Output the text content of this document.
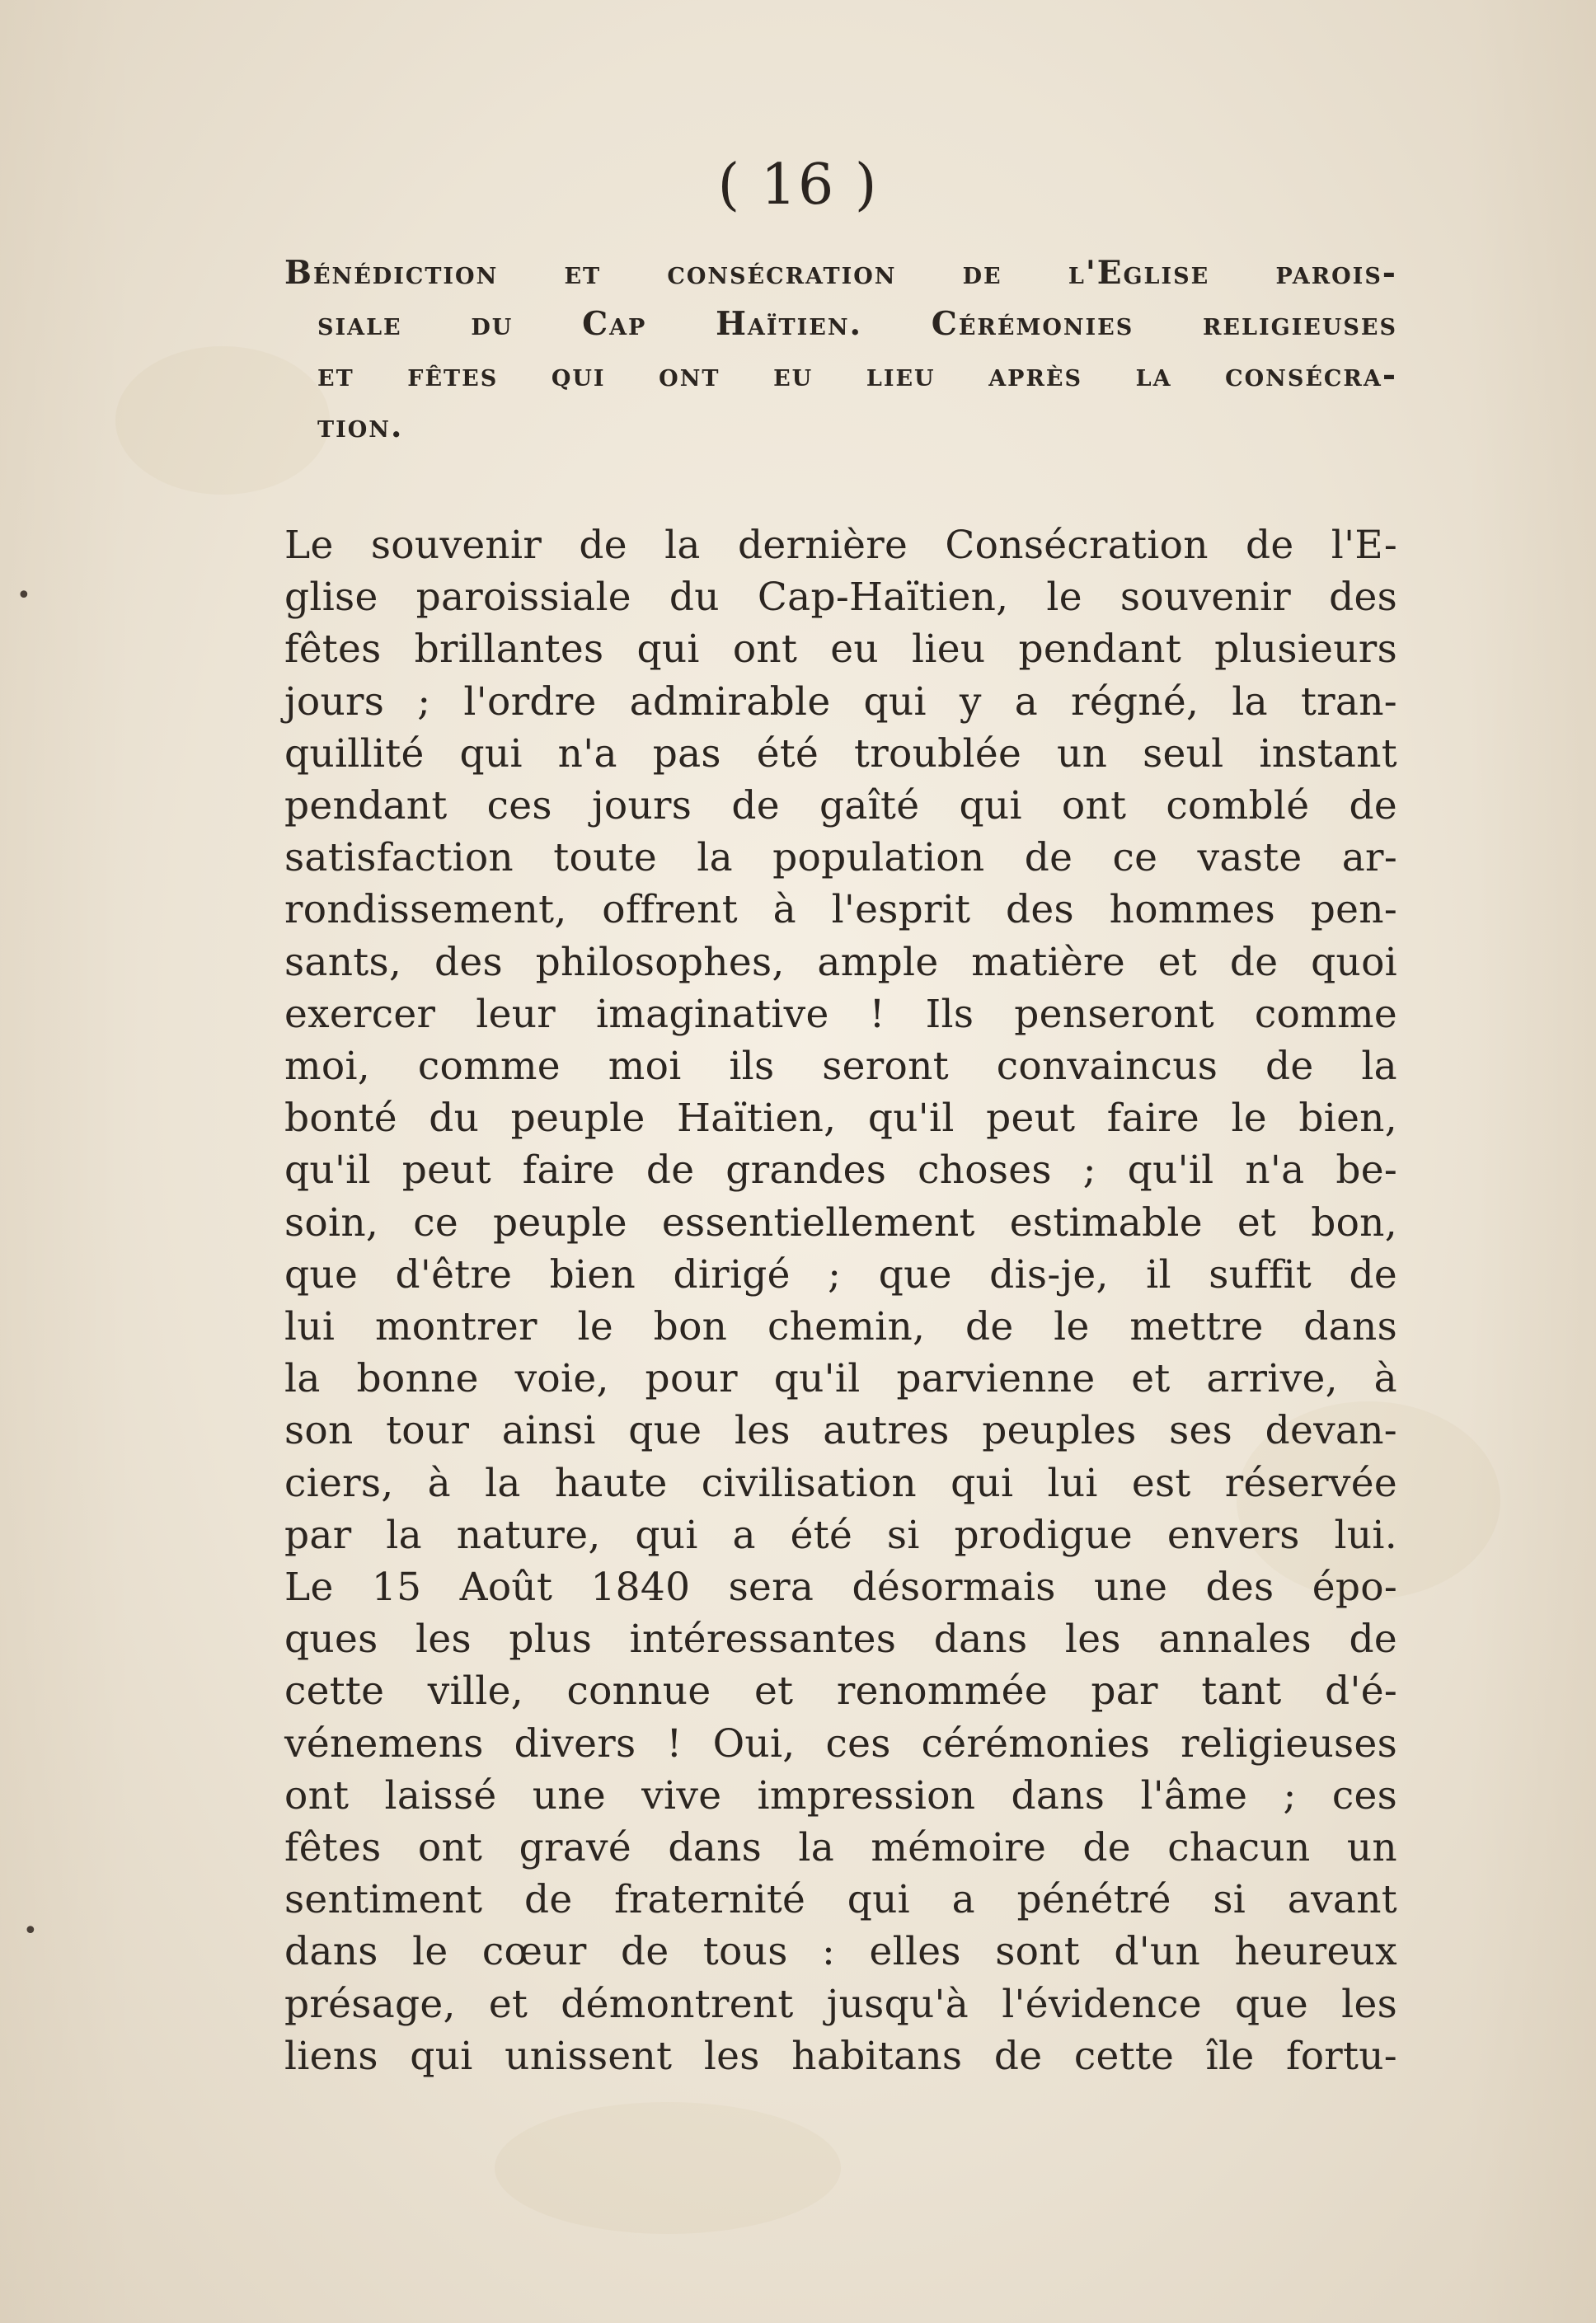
•
•
( 16 )
Bénédiction et consécration de l'Eglise parois-
siale du Cap Haïtien. Cérémonies religieuses
et fêtes qui ont eu lieu après la consécra-
tion.
Le souvenir de la dernière Consécration de l'E-
glise paroissiale du Cap-Haïtien, le souvenir des
fêtes brillantes qui ont eu lieu pendant plusieurs
jours ; l'ordre admirable qui y a régné, la tran-
quillité qui n'a pas été troublée un seul instant
pendant ces jours de gaîté qui ont comblé de
satisfaction toute la population de ce vaste ar-
rondissement, offrent à l'esprit des hommes pen-
sants, des philosophes, ample matière et de quoi
exercer leur imaginative ! Ils penseront comme
moi, comme moi ils seront convaincus de la
bonté du peuple Haïtien, qu'il peut faire le bien,
qu'il peut faire de grandes choses ; qu'il n'a be-
soin, ce peuple essentiellement estimable et bon,
que d'être bien dirigé ; que dis-je, il suffit de
lui montrer le bon chemin, de le mettre dans
la bonne voie, pour qu'il parvienne et arrive, à
son tour ainsi que les autres peuples ses devan-
ciers, à la haute civilisation qui lui est réservée
par la nature, qui a été si prodigue envers lui.
Le 15 Août 1840 sera désormais une des épo-
ques les plus intéressantes dans les annales de
cette ville, connue et renommée par tant d'é-
vénemens divers ! Oui, ces cérémonies religieuses
ont laissé une vive impression dans l'âme ; ces
fêtes ont gravé dans la mémoire de chacun un
sentiment de fraternité qui a pénétré si avant
dans le cœur de tous : elles sont d'un heureux
présage, et démontrent jusqu'à l'évidence que les
liens qui unissent les habitans de cette île fortu-
